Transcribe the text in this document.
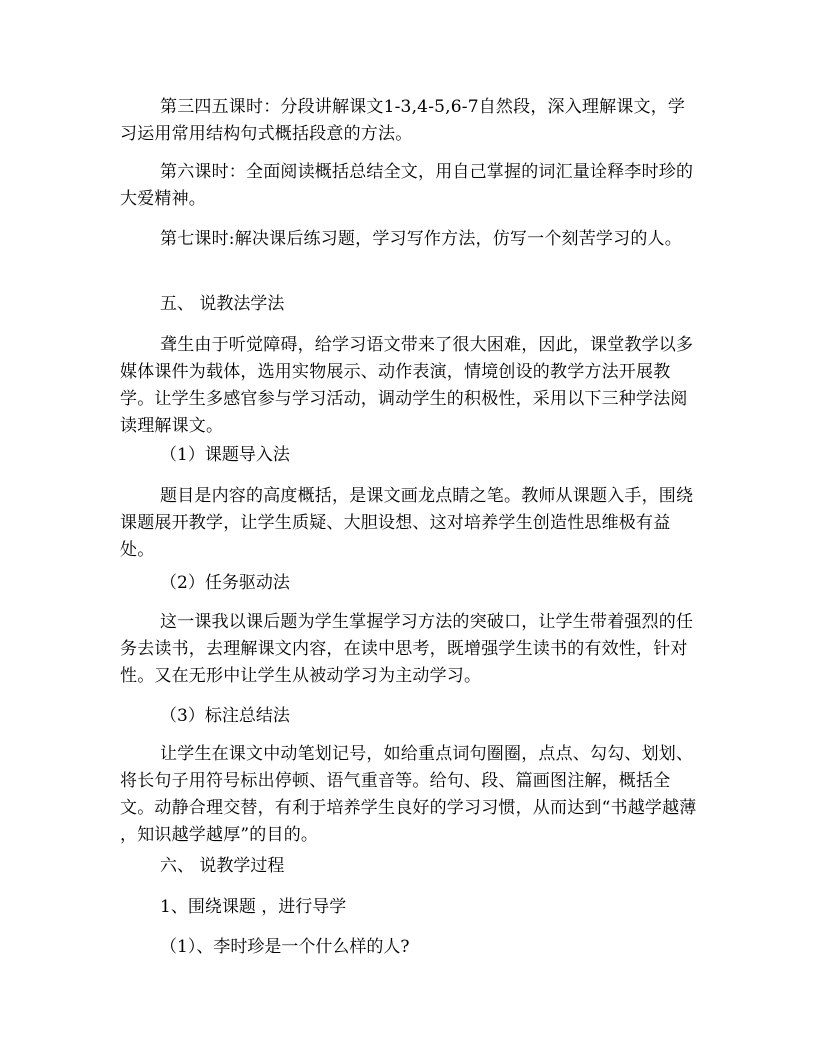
第三四五课时：分段讲解课文1-3,4-5,6-7自然段，深入理解课文，学习运用常用结构句式概括段意的方法。

第六课时：全面阅读概括总结全文，用自己掌握的词汇量诠释李时珍的大爱精神。

第七课时:解决课后练习题，学习写作方法，仿写一个刻苦学习的人。

五、 说教法学法

聋生由于听觉障碍，给学习语文带来了很大困难，因此，课堂教学以多媒体课件为载体，选用实物展示、动作表演，情境创设的教学方法开展教学。让学生多感官参与学习活动，调动学生的积极性，采用以下三种学法阅读理解课文。

（1）课题导入法

题目是内容的高度概括，是课文画龙点睛之笔。教师从课题入手，围绕课题展开教学，让学生质疑、大胆设想、这对培养学生创造性思维极有益处。

（2）任务驱动法

这一课我以课后题为学生掌握学习方法的突破口，让学生带着强烈的任务去读书，去理解课文内容，在读中思考，既增强学生读书的有效性，针对性。又在无形中让学生从被动学习为主动学习。

（3）标注总结法

让学生在课文中动笔划记号，如给重点词句圈圈，点点、勾勾、划划、将长句子用符号标出停顿、语气重音等。给句、段、篇画图注解，概括全文。动静合理交替，有利于培养学生良好的学习习惯，从而达到“书越学越薄 ，知识越学越厚”的目的。

六、 说教学过程

1、围绕课题 ，进行导学

（1）、李时珍是一个什么样的人?
